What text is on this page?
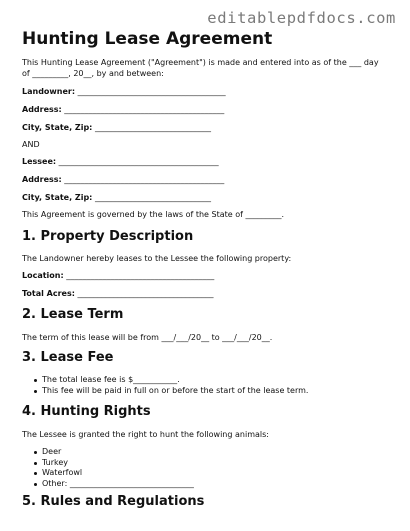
editablepdfdocs.com
Hunting Lease Agreement
This Hunting Lease Agreement ("Agreement") is made and entered into as of the ___ day
of _________, 20__, by and between:
Landowner: _____________________________________
Address: ________________________________________
City, State, Zip: _____________________________
AND
Lessee: ________________________________________
Address: ________________________________________
City, State, Zip: _____________________________
This Agreement is governed by the laws of the State of _________.
1. Property Description
The Landowner hereby leases to the Lessee the following property:
Location: _____________________________________
Total Acres: __________________________________
2. Lease Term
The term of this lease will be from ___/___/20__ to ___/___/20__.
3. Lease Fee
The total lease fee is $___________.
This fee will be paid in full on or before the start of the lease term.
4. Hunting Rights
The Lessee is granted the right to hunt the following animals:
Deer
Turkey
Waterfowl
Other: _______________________________
5. Rules and Regulations
